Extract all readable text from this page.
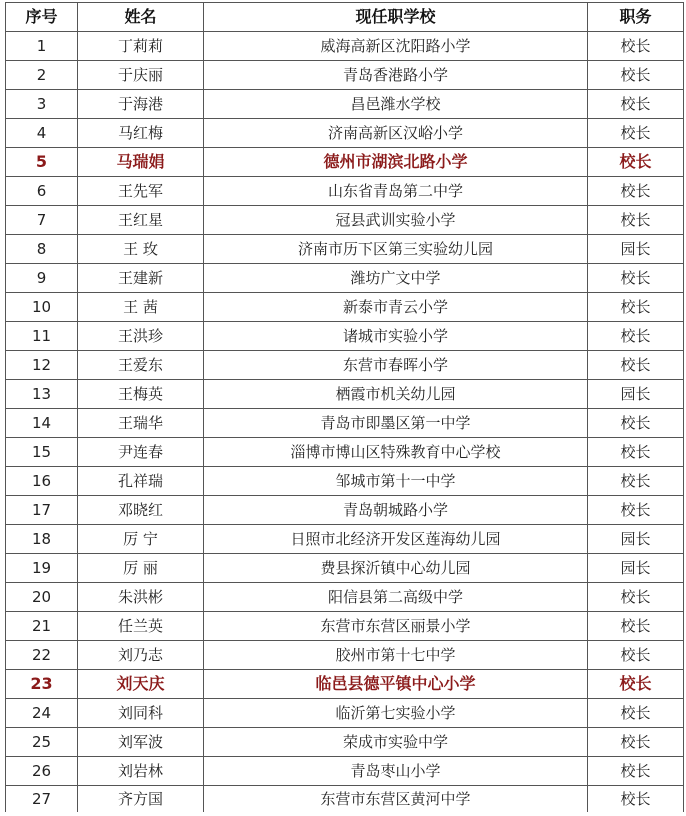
序号	姓名	现任职学校	职务
1	丁莉莉	威海高新区沈阳路小学	校长
2	于庆丽	青岛香港路小学	校长
3	于海港	昌邑潍水学校	校长
4	马红梅	济南高新区汉峪小学	校长
5	马瑞娟	德州市湖滨北路小学	校长
6	王先军	山东省青岛第二中学	校长
7	王红星	冠县武训实验小学	校长
8	王 玫	济南市历下区第三实验幼儿园	园长
9	王建新	潍坊广文中学	校长
10	王 茜	新泰市青云小学	校长
11	王洪珍	诸城市实验小学	校长
12	王爱东	东营市春晖小学	校长
13	王梅英	栖霞市机关幼儿园	园长
14	王瑞华	青岛市即墨区第一中学	校长
15	尹连春	淄博市博山区特殊教育中心学校	校长
16	孔祥瑞	邹城市第十一中学	校长
17	邓晓红	青岛朝城路小学	校长
18	厉 宁	日照市北经济开发区莲海幼儿园	园长
19	厉 丽	费县探沂镇中心幼儿园	园长
20	朱洪彬	阳信县第二高级中学	校长
21	任兰英	东营市东营区丽景小学	校长
22	刘乃志	胶州市第十七中学	校长
23	刘天庆	临邑县德平镇中心小学	校长
24	刘同科	临沂第七实验小学	校长
25	刘军波	荣成市实验中学	校长
26	刘岩林	青岛枣山小学	校长
27	齐方国	东营市东营区黄河中学	校长
